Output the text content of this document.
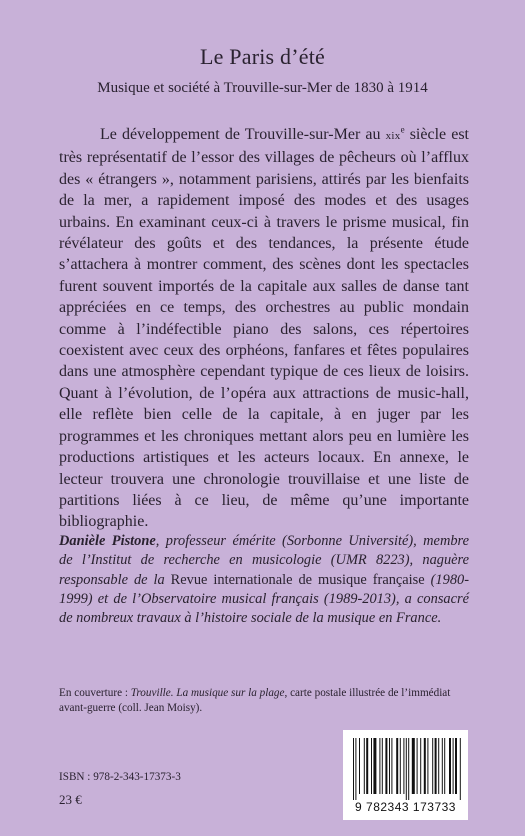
Le Paris d’été
Musique et société à Trouville-sur-Mer de 1830 à 1914

Le développement de Trouville-sur-Mer au xix$^e$ siècle est très représentatif de l’essor des villages de pêcheurs où l’afflux des « étrangers », notamment parisiens, attirés par les bienfaits de la mer, a rapidement imposé des modes et des usages urbains. En examinant ceux-ci à travers le prisme musical, fin révélateur des goûts et des tendances, la présente étude s’attachera à montrer comment, des scènes dont les spectacles furent souvent importés de la capitale aux salles de danse tant appréciées en ce temps, des orchestres au public mondain comme à l’indéfectible piano des salons, ces répertoires coexistent avec ceux des orphéons, fanfares et fêtes populaires dans une atmosphère cependant typique de ces lieux de loisirs. Quant à l’évolution, de l’opéra aux attractions de music-hall, elle reflète bien celle de la capitale, à en juger par les programmes et les chroniques mettant alors peu en lumière les productions artistiques et les acteurs locaux. En annexe, le lecteur trouvera une chronologie trouvillaise et une liste de partitions liées à ce lieu, de même qu’une importante bibliographie.

Danièle Pistone, professeur émérite (Sorbonne Université), membre de l’Institut de recherche en musicologie (UMR 8223), naguère responsable de la Revue internationale de musique française (1980-1999) et de l’Observatoire musical français (1989-2013), a consacré de nombreux travaux à l’histoire sociale de la musique en France.

En couverture : Trouville. La musique sur la plage, carte postale illustrée de l’immédiat avant-guerre (coll. Jean Moisy).

ISBN : 978-2-343-17373-3
23 €	9 782343 173733
